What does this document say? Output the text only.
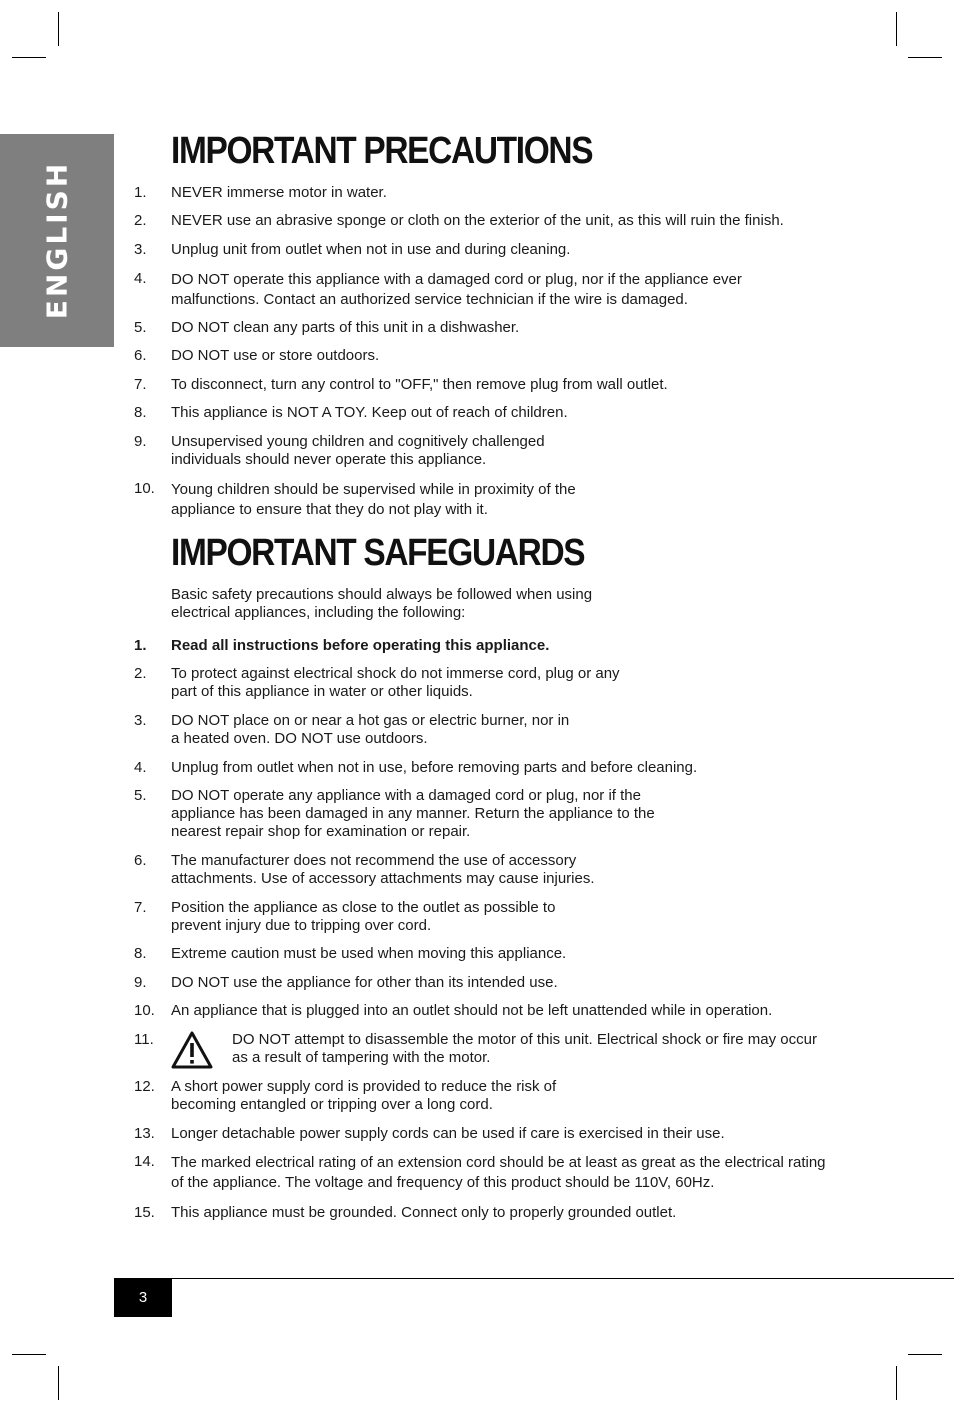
ENGLISH
IMPORTANT PRECAUTIONS
1. NEVER immerse motor in water.
2. NEVER use an abrasive sponge or cloth on the exterior of the unit, as this will ruin the finish.
3. Unplug unit from outlet when not in use and during cleaning.
4. DO NOT operate this appliance with a damaged cord or plug, nor if the appliance ever malfunctions. Contact an authorized service technician if the wire is damaged.
5. DO NOT clean any parts of this unit in a dishwasher.
6. DO NOT use or store outdoors.
7. To disconnect, turn any control to "OFF," then remove plug from wall outlet.
8. This appliance is NOT A TOY. Keep out of reach of children.
9. Unsupervised young children and cognitively challenged individuals should never operate this appliance.
10. Young children should be supervised while in proximity of the appliance to ensure that they do not play with it.
IMPORTANT SAFEGUARDS
Basic safety precautions should always be followed when using electrical appliances, including the following:
1. Read all instructions before operating this appliance.
2. To protect against electrical shock do not immerse cord, plug or any part of this appliance in water or other liquids.
3. DO NOT place on or near a hot gas or electric burner, nor in a heated oven. DO NOT use outdoors.
4. Unplug from outlet when not in use, before removing parts and before cleaning.
5. DO NOT operate any appliance with a damaged cord or plug, nor if the appliance has been damaged in any manner. Return the appliance to the nearest repair shop for examination or repair.
6. The manufacturer does not recommend the use of accessory attachments. Use of accessory attachments may cause injuries.
7. Position the appliance as close to the outlet as possible to prevent injury due to tripping over cord.
8. Extreme caution must be used when moving this appliance.
9. DO NOT use the appliance for other than its intended use.
10. An appliance that is plugged into an outlet should not be left unattended while in operation.
11.	DO NOT attempt to disassemble the motor of this unit. Electrical shock or fire may occur as a result of tampering with the motor.
12. A short power supply cord is provided to reduce the risk of becoming entangled or tripping over a long cord.
13. Longer detachable power supply cords can be used if care is exercised in their use.
14. The marked electrical rating of an extension cord should be at least as great as the electrical rating of the appliance. The voltage and frequency of this product should be 110V, 60Hz.
15. This appliance must be grounded. Connect only to properly grounded outlet.
3
